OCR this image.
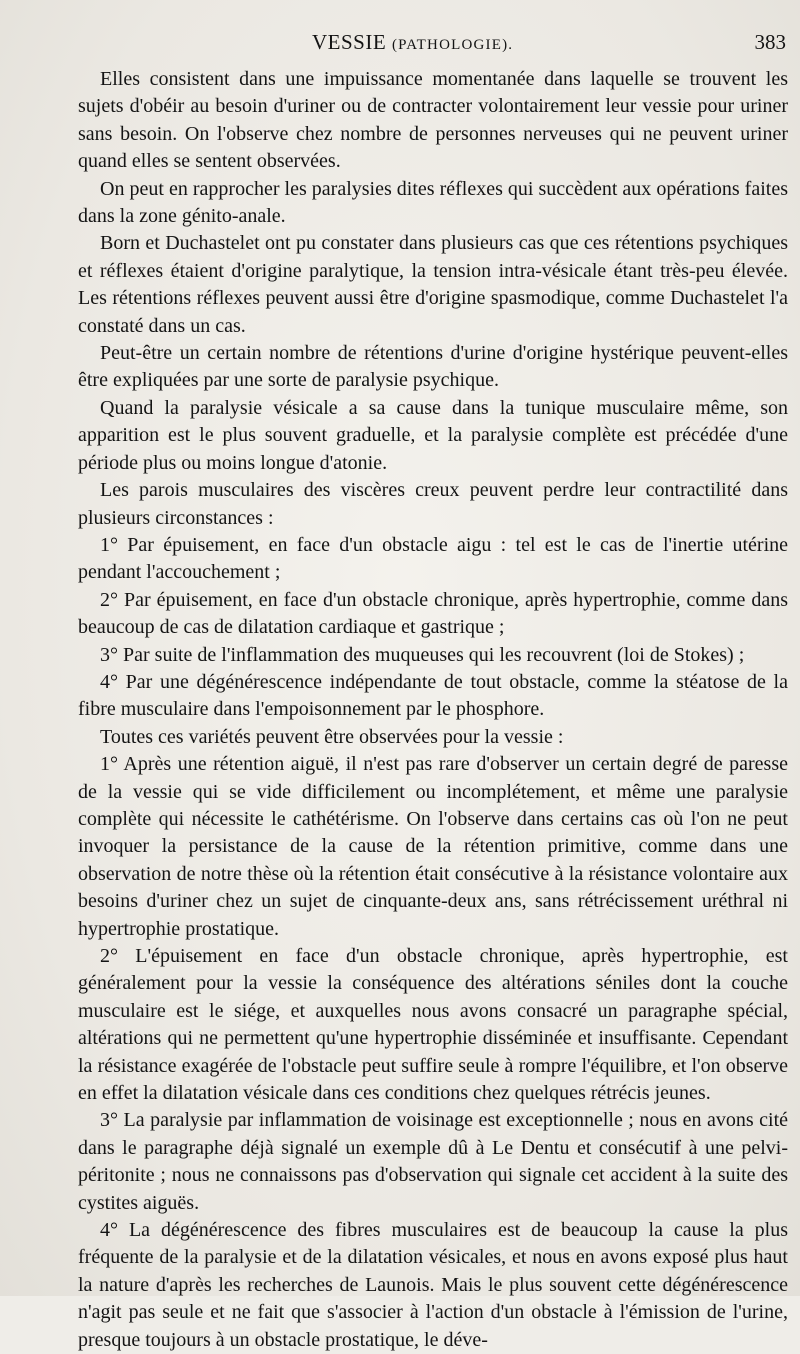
VESSIE (PATHOLOGIE).	383

Elles consistent dans une impuissance momentanée dans laquelle se trouvent les sujets d'obéir au besoin d'uriner ou de contracter volontairement leur vessie pour uriner sans besoin. On l'observe chez nombre de personnes nerveuses qui ne peuvent uriner quand elles se sentent observées.

On peut en rapprocher les paralysies dites réflexes qui succèdent aux opérations faites dans la zone génito-anale.

Born et Duchastelet ont pu constater dans plusieurs cas que ces rétentions psychiques et réflexes étaient d'origine paralytique, la tension intra-vésicale étant très-peu élevée. Les rétentions réflexes peuvent aussi être d'origine spasmodique, comme Duchastelet l'a constaté dans un cas.

Peut-être un certain nombre de rétentions d'urine d'origine hystérique peuvent-elles être expliquées par une sorte de paralysie psychique.

Quand la paralysie vésicale a sa cause dans la tunique musculaire même, son apparition est le plus souvent graduelle, et la paralysie complète est précédée d'une période plus ou moins longue d'atonie.

Les parois musculaires des viscères creux peuvent perdre leur contractilité dans plusieurs circonstances :

1° Par épuisement, en face d'un obstacle aigu : tel est le cas de l'inertie utérine pendant l'accouchement ;

2° Par épuisement, en face d'un obstacle chronique, après hypertrophie, comme dans beaucoup de cas de dilatation cardiaque et gastrique ;

3° Par suite de l'inflammation des muqueuses qui les recouvrent (loi de Stokes) ;

4° Par une dégénérescence indépendante de tout obstacle, comme la stéatose de la fibre musculaire dans l'empoisonnement par le phosphore.

Toutes ces variétés peuvent être observées pour la vessie :

1° Après une rétention aiguë, il n'est pas rare d'observer un certain degré de paresse de la vessie qui se vide difficilement ou incomplétement, et même une paralysie complète qui nécessite le cathétérisme. On l'observe dans certains cas où l'on ne peut invoquer la persistance de la cause de la rétention primitive, comme dans une observation de notre thèse où la rétention était consécutive à la résistance volontaire aux besoins d'uriner chez un sujet de cinquante-deux ans, sans rétrécissement uréthral ni hypertrophie prostatique.

2° L'épuisement en face d'un obstacle chronique, après hypertrophie, est généralement pour la vessie la conséquence des altérations séniles dont la couche musculaire est le siége, et auxquelles nous avons consacré un paragraphe spécial, altérations qui ne permettent qu'une hypertrophie disséminée et insuffisante. Cependant la résistance exagérée de l'obstacle peut suffire seule à rompre l'équilibre, et l'on observe en effet la dilatation vésicale dans ces conditions chez quelques rétrécis jeunes.

3° La paralysie par inflammation de voisinage est exceptionnelle ; nous en avons cité dans le paragraphe déjà signalé un exemple dû à Le Dentu et consécutif à une pelvi-péritonite ; nous ne connaissons pas d'observation qui signale cet accident à la suite des cystites aiguës.

4° La dégénérescence des fibres musculaires est de beaucoup la cause la plus fréquente de la paralysie et de la dilatation vésicales, et nous en avons exposé plus haut la nature d'après les recherches de Launois. Mais le plus souvent cette dégénérescence n'agit pas seule et ne fait que s'associer à l'action d'un obstacle à l'émission de l'urine, presque toujours à un obstacle prostatique, le déve-
